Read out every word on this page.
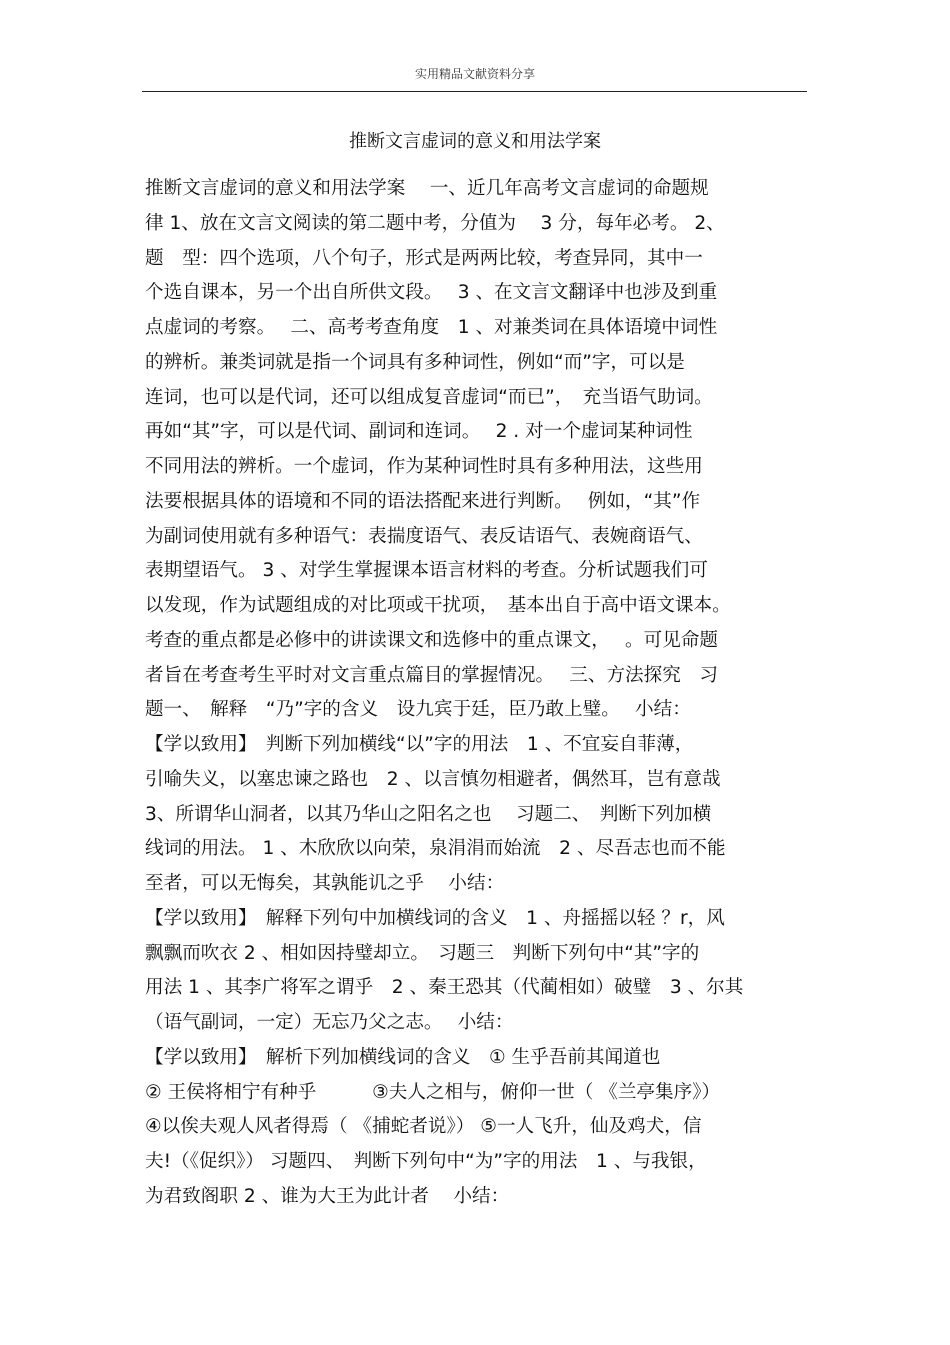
实用精品文献资料分享
推断文言虚词的意义和用法学案
推断文言虚词的意义和用法学案　 一、近几年高考文言虚词的命题规
律 1、放在文言文阅读的第二题中考，分值为　 3 分，每年必考。 2、
题　型：四个选项，八个句子，形式是两两比较，考查异同，其中一
个选自课本，另一个出自所供文段。　 3 、在文言文翻译中也涉及到重
点虚词的考察。　 二、高考考查角度　1 、对兼类词在具体语境中词性
的辨析。兼类词就是指一个词具有多种词性，例如“而”字，可以是
连词，也可以是代词，还可以组成复音虚词“而已”，　充当语气助词。
再如“其”字，可以是代词、副词和连词。　 2 . 对一个虚词某种词性
不同用法的辨析。一个虚词，作为某种词性时具有多种用法，这些用
法要根据具体的语境和不同的语法搭配来进行判断。　 例如，“其”作
为副词使用就有多种语气：表揣度语气、表反诘语气、表婉商语气、
表期望语气。 3 、对学生掌握课本语言材料的考查。分析试题我们可
以发现，作为试题组成的对比项或干扰项，　基本出自于高中语文课本。
考查的重点都是必修中的讲读课文和选修中的重点课文，　 。可见命题
者旨在考查考生平时对文言重点篇目的掌握情况。　 三、方法探究　习
题一、　解释　“乃”字的含义　设九宾于廷，臣乃敢上璧。　 小结：
【学以致用】　判断下列加横线“以”字的用法　1 、不宜妄自菲薄，
引喻失义，以塞忠谏之路也　2 、以言慎勿相避者，偶然耳，岂有意哉
3、所谓华山洞者，以其乃华山之阳名之也　 习题二、　判断下列加横
线词的用法。 1 、木欣欣以向荣，泉涓涓而始流　2 、尽吾志也而不能
至者，可以无悔矣，其孰能讥之乎　 小结：
【学以致用】　解释下列句中加横线词的含义　1 、舟摇摇以轻 ？r，风
飘飘而吹衣 2 、相如因持璧却立。　习题三　判断下列句中“其”字的
用法 1 、其李广将军之谓乎　2 、秦王恐其（代蔺相如）破璧　3 、尔其
（语气副词，一定）无忘乃父之志。　 小结：
【学以致用】　解析下列加横线词的含义　① 生乎吾前其闻道也
② 王侯将相宁有种乎　　　③夫人之相与，俯仰一世（ 《兰亭集序》）
④以俟夫观人风者得焉（ 《捕蛇者说》） ⑤一人飞升，仙及鸡犬，信
夫!（《促织》） 习题四、　判断下列句中“为”字的用法　1 、与我银，
为君致阁职 2 、谁为大王为此计者　 小结：
